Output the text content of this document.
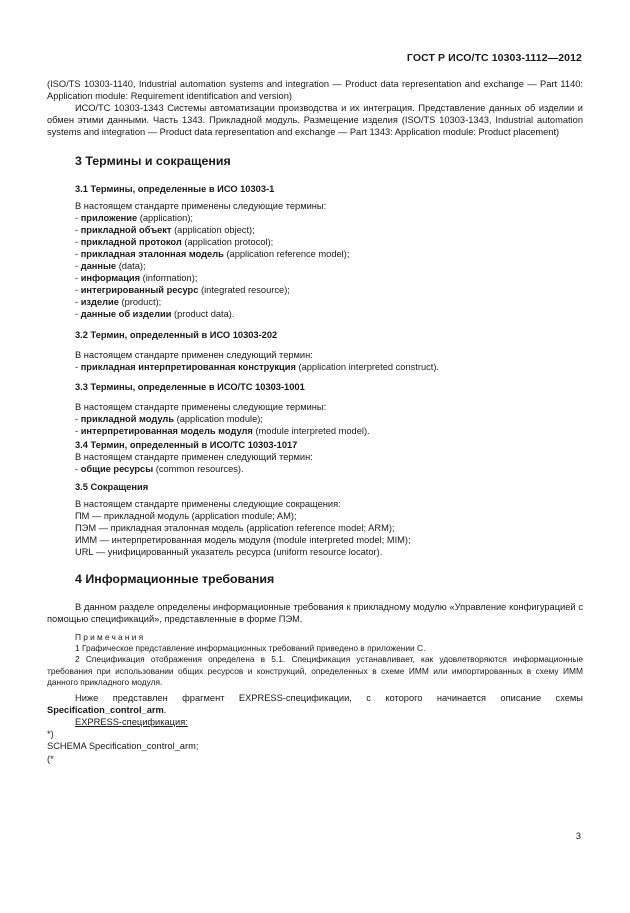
ГОСТ Р ИСО/ТС 10303-1112—2012

(ISO/TS 10303-1140, Industrial automation systems and integration — Product data representation and exchange — Part 1140: Application module: Requirement identification and version)

ИСО/ТС 10303-1343 Системы автоматизации производства и их интеграция. Представление данных об изделии и обмен этими данными. Часть 1343. Прикладной модуль. Размещение изделия (ISO/TS 10303-1343, Industrial automation systems and integration — Product data representation and exchange — Part 1343: Application module: Product placement)

3 Термины и сокращения

3.1 Термины, определенные в ИСО 10303-1

В настоящем стандарте применены следующие термины:

- приложение (application);

- прикладной объект (application object);

- прикладной протокол (application protocol);

- прикладная эталонная модель (application reference model);

- данные (data);

- информация (information);

- интегрированный ресурс (integrated resource);

- изделие (product);

- данные об изделии (product data).

3.2 Термин, определенный в ИСО 10303-202

В настоящем стандарте применен следующий термин:

- прикладная интерпретированная конструкция (application interpreted construct).

3.3 Термины, определенные в ИСО/ТС 10303-1001

В настоящем стандарте применены следующие термины:

- прикладной модуль (application module);

- интерпретированная модель модуля (module interpreted model).

3.4 Термин, определенный в ИСО/ТС 10303-1017

В настоящем стандарте применен следующий термин:

- общие ресурсы (common resources).

3.5 Сокращения

В настоящем стандарте применены следующие сокращения:

ПМ — прикладной модуль (application module; AM);

ПЭМ — прикладная эталонная модель (application reference model; ARM);

ИММ — интерпретированная модель модуля (module interpreted model; MIM);

URL — унифицированный указатель ресурса (uniform resource locator).

4 Информационные требования

В данном разделе определены информационные требования к прикладному модулю «Управление конфигурацией с помощью спецификаций», представленные в форме ПЭМ.

Примечания

1 Графическое представление информационных требований приведено в приложении С.

2 Спецификация отображения определена в 5.1. Спецификация устанавливает, как удовлетворяются информационные требования при использовании общих ресурсов и конструкций, определенных в схеме ИММ или импортированных в схему ИММ данного прикладного модуля.

Ниже представлен фрагмент EXPRESS-спецификации, с которого начинается описание схемы Specification_control_arm.

EXPRESS-спецификация:

*)

SCHEMA Specification_control_arm;

(*

3
